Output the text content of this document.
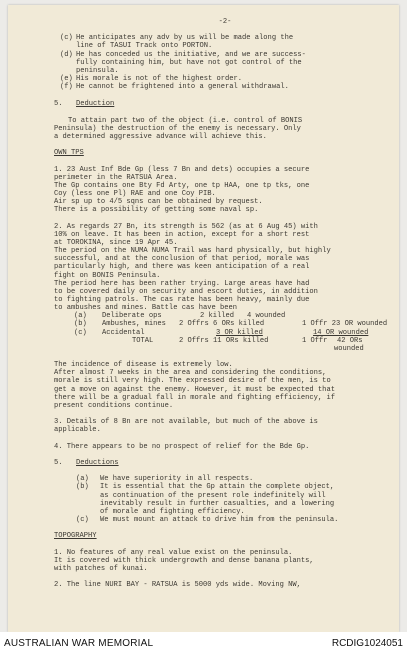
-2-
(c) He anticipates any adv by us will be made along the
line of TASUI Track onto PORTON.
(d) He has conceded us the initiative, and we are success-
fully containing him, but have not got control of the
peninsula.
(e) His morale is not of the highest order.
(f) He cannot be frightened into a general withdrawal.
5. Deduction
To attain part two of the object (i.e. control of BONIS
Peninsula) the destruction of the enemy is necessary. Only
a determined aggressive advance will achieve this.
OWN TPS
1. 23 Aust Inf Bde Gp (less 7 Bn and dets) occupies a secure
perimeter in the RATSUA Area.
The Gp contains one Bty Fd Arty, one tp HAA, one tp tks, one
Coy (less one Pl) RAE and one Coy PIB.
Air sp up to 4/5 sqns can be obtained by request.
There is a possibility of getting some naval sp.
2. As regards 27 Bn, its strength is 562 (as at 6 Aug 45) with
10% on leave. It has been in action, except for a short rest
at TOROKINA, since 19 Apr 45.
The period on the NUMA NUMA Trail was hard physically, but highly
successful, and at the conclusion of that period, morale was
particularly high, and there was keen anticipation of a real
fight on BONIS Peninsula.
The period here has been rather trying. Large areas have had
to be covered daily on security and escort duties, in addition
to fighting patrols. The cas rate has been heavy, mainly due
to ambushes and mines. Battle cas have been
(a) Deliberate ops	2 killed 4 wounded
(b) Ambushes, mines 2 Offrs 6 ORs killed	1 Offr 23 OR wounded
(c) Accidental	3 OR killed	14 OR wounded
TOTAL	2 Offrs 11 ORs killed	1 Offr 42 ORs
wounded
The incidence of disease is extremely low.
After almost 7 weeks in the area and considering the conditions,
morale is still very high. The expressed desire of the men, is to
get a move on against the enemy. However, it must be expected that
there will be a gradual fall in morale and fighting efficiency, if
present conditions continue.
3. Details of 8 Bn are not available, but much of the above is
applicable.
4. There appears to be no prospect of relief for the Bde Gp.
5. Deductions
(a) We have superiority in all respects.
(b) It is essential that the Gp attain the complete object,
as continuation of the present role indefinitely will
inevitably result in further casualties, and a lowering
of morale and fighting efficiency.
(c) We must mount an attack to drive him from the peninsula.
TOPOGRAPHY
1. No features of any real value exist on the peninsula.
It is covered with thick undergrowth and dense banana plants,
with patches of kunai.
2. The line NURI BAY - RATSUA is 5000 yds wide. Moving NW,
AUSTRALIAN WAR MEMORIAL	RCDIG1024051
